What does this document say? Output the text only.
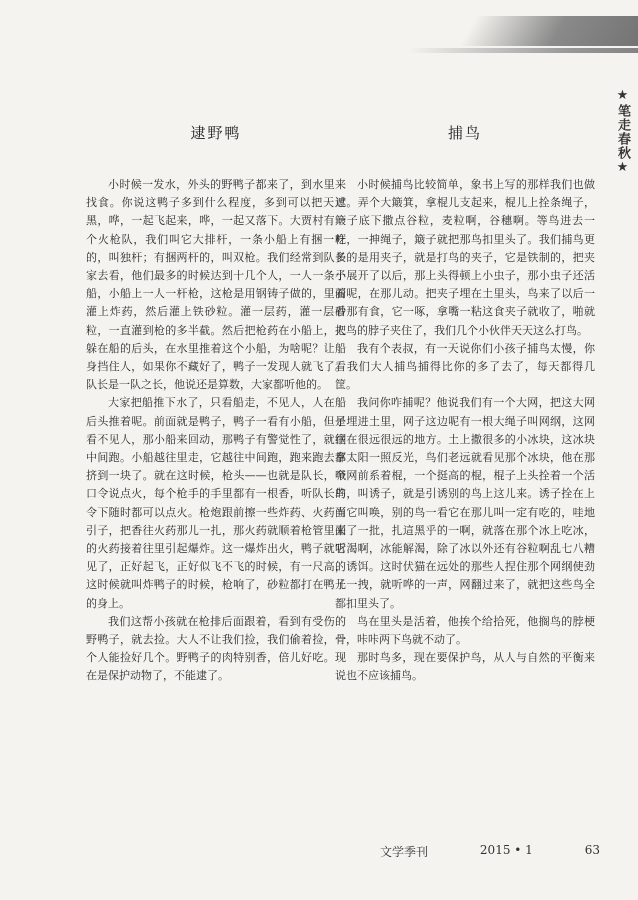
★笔走春秋★
逮野鸭

小时候一发水，外头的野鸭子都来了，到水里来找食。你说这鸭子多到什么程度，多到可以把天遮黑，哗，一起飞起来，哗，一起又落下。大贾村有一个火枪队，我们叫它大排杆，一条小船上有捆一杆的，叫独杆；有捆两杆的，叫双枪。我们经常到队长家去看，他们最多的时候达到十几个人，一人一条小船，小船上一人一杆枪，这枪是用钢铸子做的，里面灌上炸药，然后灌上铁砂粒。灌一层药，灌一层砂粒，一直灌到枪的多半截。然后把枪药在小船上，人躲在船的后头，在水里推着这个小船，为啥呢？让船身挡住人，如果你不藏好了，鸭子一发现人就飞了。队长是一队之长，他说还是算数，大家都听他的。

大家把船推下水了，只看船走，不见人，人在船后头推着呢。前面就是鸭子，鸭子一看有小船，但是看不见人，那小船来回动，那鸭子有警觉性了，就往中间跑。小船越往里走，它越往中间跑，跑来跑去都挤到一块了。就在这时候，枪头——也就是队长，喊口令说点火，每个枪手的手里都有一根香，听队长的令下随时都可以点火。枪炮跟前擦一些炸药、火药当引子，把香往火药那儿一扎，那火药就顺着枪管里面的火药接着往里引起爆炸。这一爆炸出火，鸭子就听见了，正好起飞，正好似飞不飞的时候，有一尺高，这时候就叫炸鸭子的时候，枪响了，砂粒都打在鸭子的身上。

我们这帮小孩就在枪排后面跟着，看到有受伤的野鸭子，就去捡。大人不让我们捡，我们偷着捡，一个人能捡好几个。野鸭子的肉特别香，倍儿好吃。现在是保护动物了，不能逮了。

捕鸟

小时候捕鸟比较简单，象书上写的那样我们也做过。弄个大簸箕，拿棍儿支起来，棍儿上拴条绳子，簸子底下撒点谷粒，麦粒啊，谷穗啊。等鸟进去一吃，一抻绳子，簸子就把那鸟扣里头了。我们捕鸟更多的是用夹子，就是打鸟的夹子，它是铁制的，把夹子展开了以后，那上头得顿上小虫子，那小虫子还活着呢，在那儿动。把夹子埋在土里头，鸟来了以后一看那有食，它一啄，拿嘴一粘这食夹子就收了，啪就把鸟的脖子夹住了，我们几个小伙伴天天这么打鸟。

我有个表叔，有一天说你们小孩子捕鸟太慢，你看我们大人捕鸟捕得比你的多了去了，每天都得几筐。

我问你咋捕呢？他说我们有一个大网，把这大网子埋进土里，网子这边呢有一根大绳子叫网纲，这网纲在很远很远的地方。土上撒很多的小冰块，这冰块拿太阳一照反光，鸟们老远就看见那个冰块，他在那个网前系着棍，一个挺高的棍，棍子上头拴着一个活鸟，叫诱子，就是引诱别的鸟上这儿来。诱子拴在上面它叫唤，别的鸟一看它在那儿叫一定有吃的，哇地来了一批，扎這黑乎的一啊，就落在那个冰上吃冰，它渴啊，冰能解渴，除了冰以外还有谷粒啊乱七八糟的诱饵。这时伏猫在远处的那些人捏住那个网纲使劲儿一拽，就听哗的一声，网翻过来了，就把这些鸟全都扣里头了。

鸟在里头是活着，他挨个给拾死，他搁鸟的脖梗骨，咔咔两下鸟就不动了。

那时鸟多，现在要保护鸟，从人与自然的平衡来说也不应该捕鸟。

文学季刊	2015 • 1	63
